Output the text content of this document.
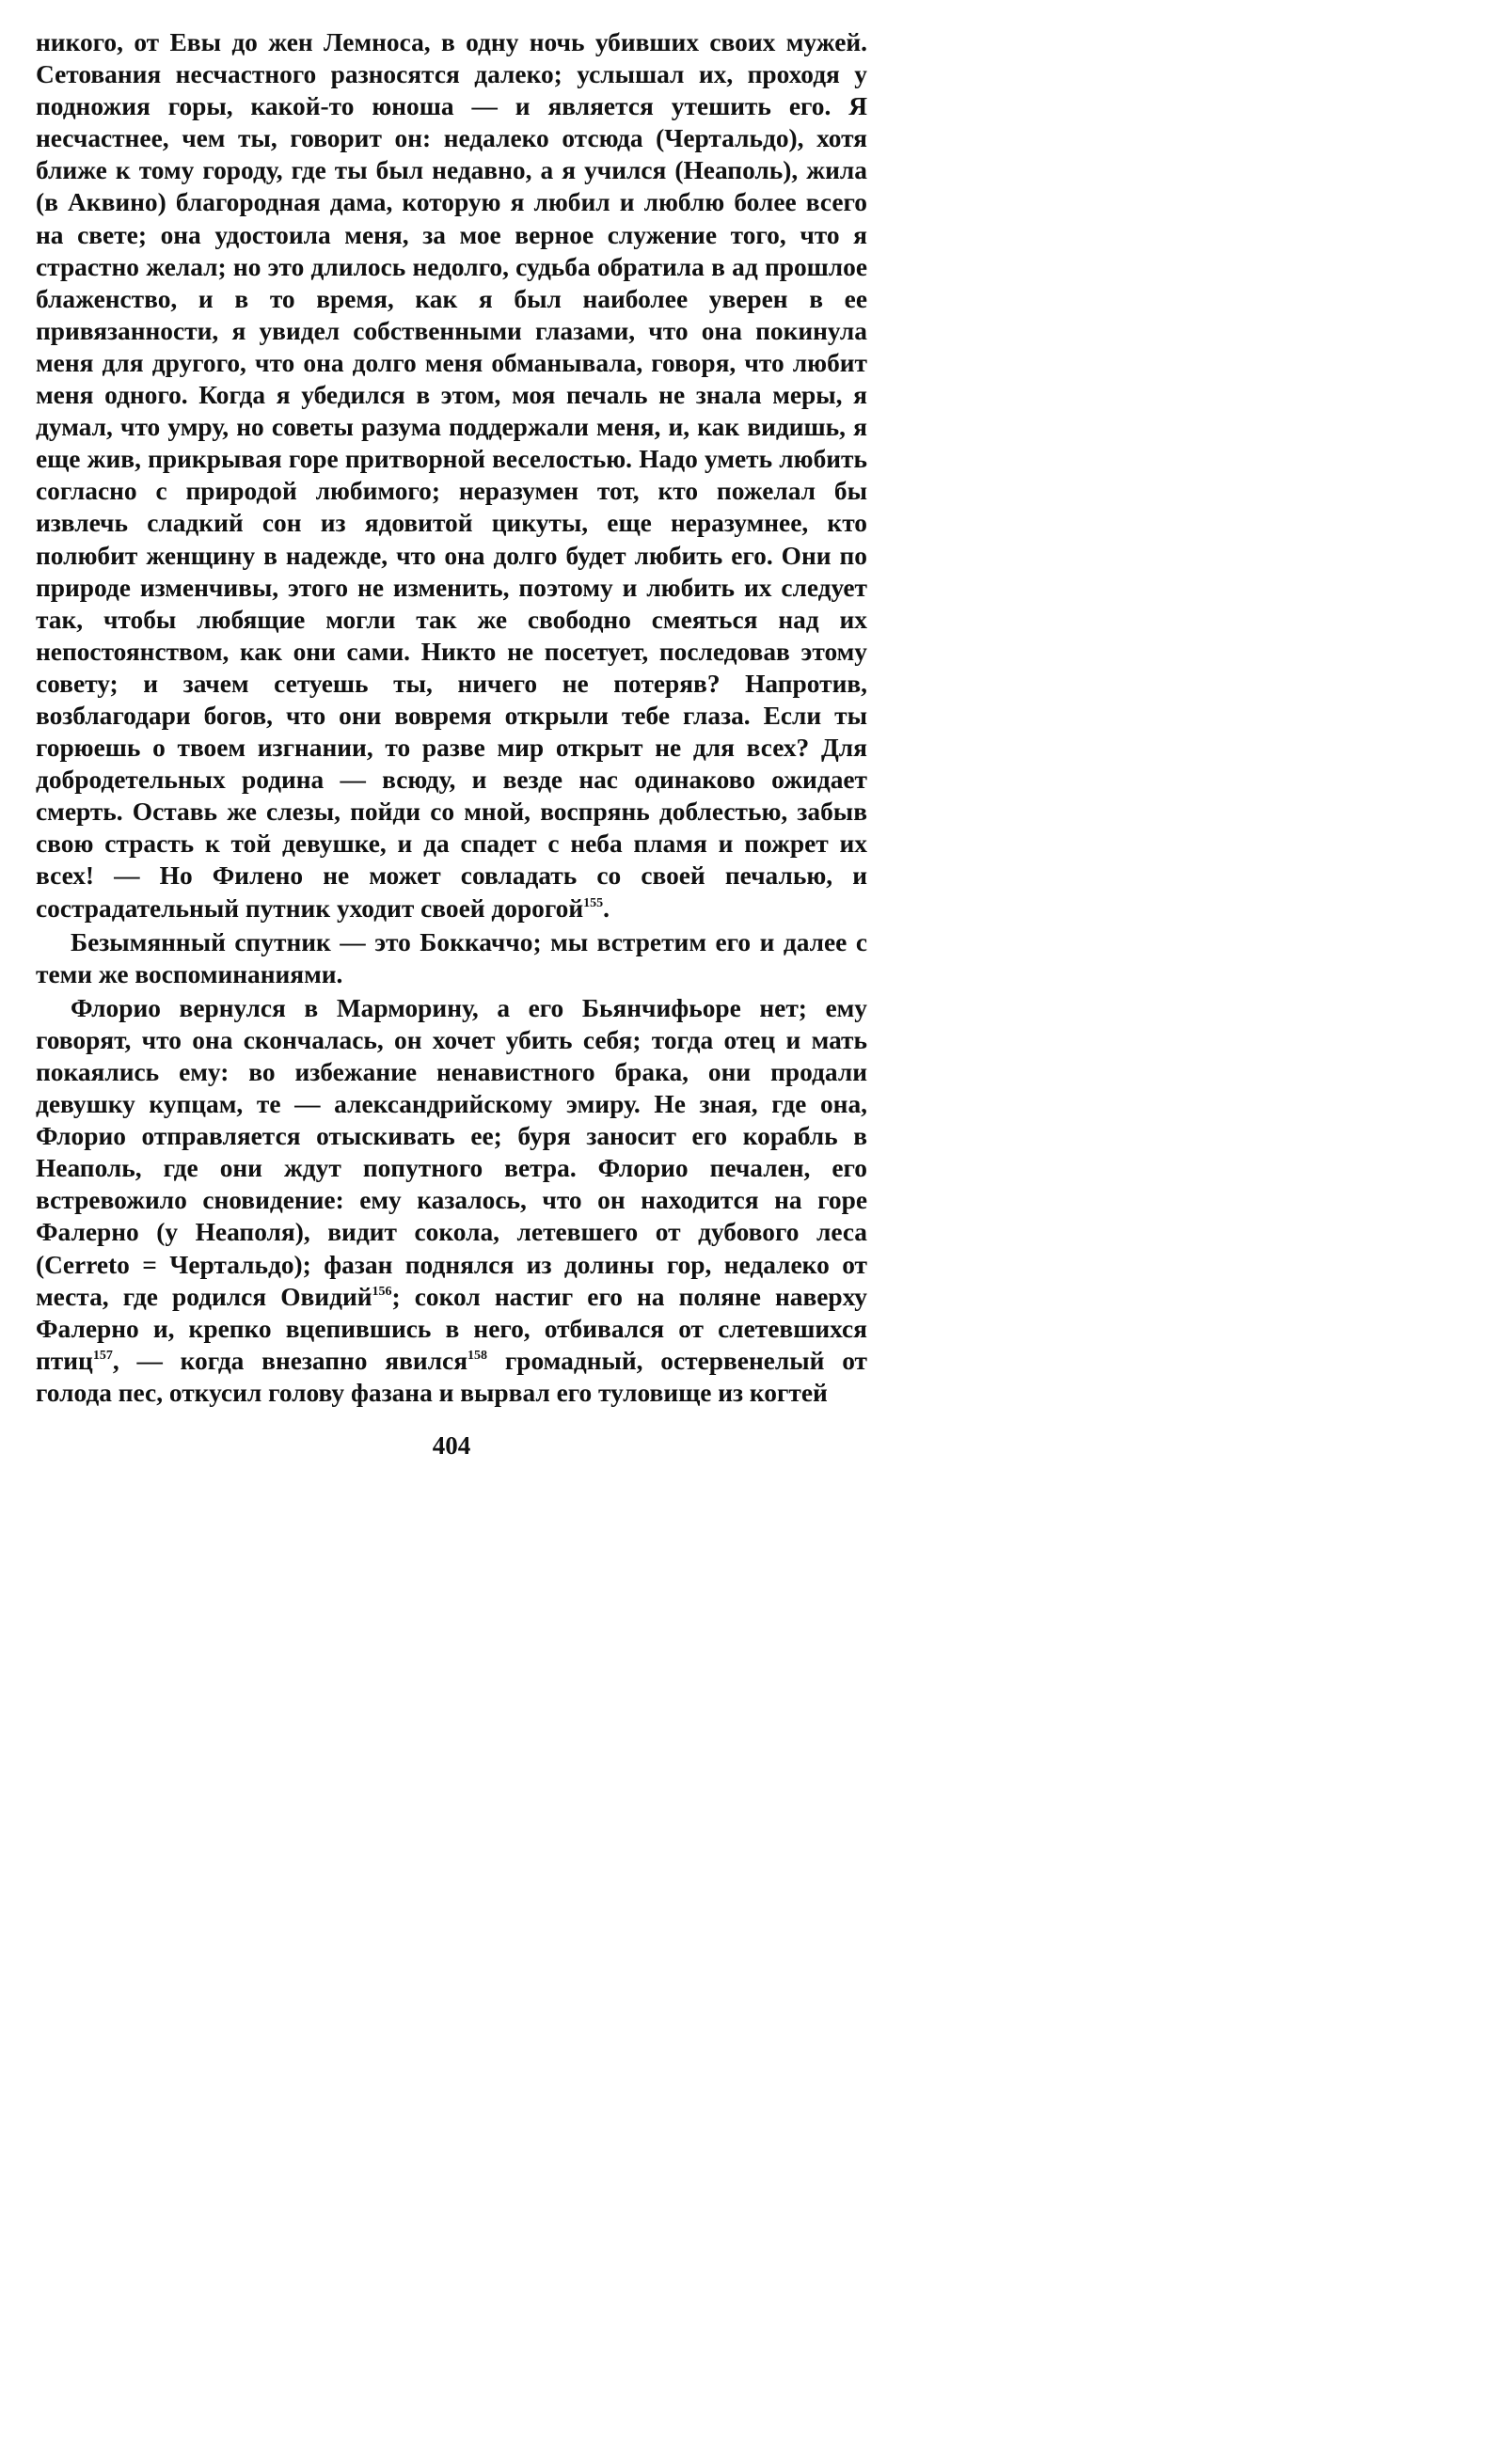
никого, от Евы до жен Лемноса, в одну ночь убивших своих мужей. Сетования несчастного разносятся далеко; услышал их, проходя у подножия горы, какой-то юноша — и является утешить его. Я несчастнее, чем ты, говорит он: недалеко отсюда (Чертальдо), хотя ближе к тому городу, где ты был недавно, а я учился (Неаполь), жила (в Аквино) благородная дама, которую я любил и люблю более всего на свете; она удостоила меня, за мое верное служение того, что я страстно желал; но это длилось недолго, судьба обратила в ад прошлое блаженство, и в то время, как я был наиболее уверен в ее привязанности, я увидел собственными глазами, что она покинула меня для другого, что она долго меня обманывала, говоря, что любит меня одного. Когда я убедился в этом, моя печаль не знала меры, я думал, что умру, но советы разума поддержали меня, и, как видишь, я еще жив, прикрывая горе притворной веселостью. Надо уметь любить согласно с природой любимого; неразумен тот, кто пожелал бы извлечь сладкий сон из ядовитой цикуты, еще неразумнее, кто полюбит женщину в надежде, что она долго будет любить его. Они по природе изменчивы, этого не изменить, поэтому и любить их следует так, чтобы любящие могли так же свободно смеяться над их непостоянством, как они сами. Никто не посетует, последовав этому совету; и зачем сетуешь ты, ничего не потеряв? Напротив, возблагодари богов, что они вовремя открыли тебе глаза. Если ты горюешь о твоем изгнании, то разве мир открыт не для всех? Для добродетельных родина — всюду, и везде нас одинаково ожидает смерть. Оставь же слезы, пойди со мной, воспрянь доблестью, забыв свою страсть к той девушке, и да спадет с неба пламя и пожрет их всех! — Но Филено не может совладать со своей печалью, и сострадательный путник уходит своей дорогой$^{155}$.

Безымянный спутник — это Боккаччо; мы встретим его и далее с теми же воспоминаниями.

Флорио вернулся в Марморину, а его Бьянчифьоре нет; ему говорят, что она скончалась, он хочет убить себя; тогда отец и мать покаялись ему: во избежание ненавистного брака, они продали девушку купцам, те — александрийскому эмиру. Не зная, где она, Флорио отправляется отыскивать ее; буря заносит его корабль в Неаполь, где они ждут попутного ветра. Флорио печален, его встревожило сновидение: ему казалось, что он находится на горе Фалерно (у Неаполя), видит сокола, летевшего от дубового леса (Cerreto = Чертальдо); фазан поднялся из долины гор, недалеко от места, где родился Овидий$^{156}$; сокол настиг его на поляне наверху Фалерно и, крепко вцепившись в него, отбивался от слетевшихся птиц$^{157}$, — когда внезапно явился$^{158}$ громадный, остервенелый от голода пес, откусил голову фазана и вырвал его туловище из когтей

404
